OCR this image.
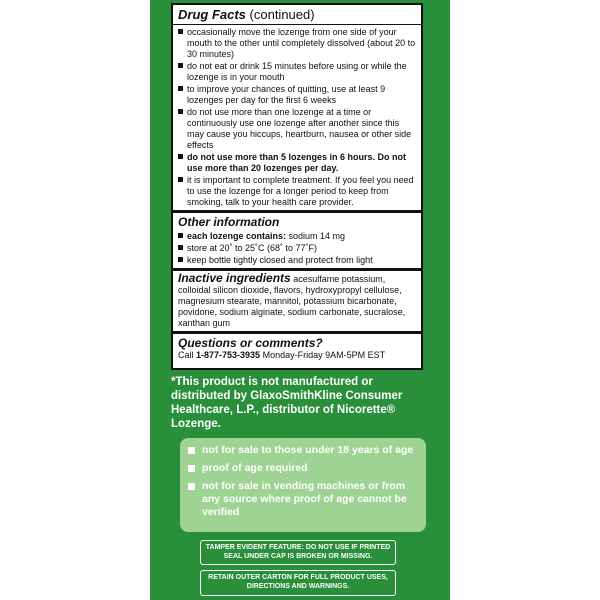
Drug Facts (continued)
occasionally move the lozenge from one side of your mouth to the other until completely dissolved (about 20 to 30 minutes)
do not eat or drink 15 minutes before using or while the lozenge is in your mouth
to improve your chances of quitting, use at least 9 lozenges per day for the first 6 weeks
do not use more than one lozenge at a time or continuously use one lozenge after another since this may cause you hiccups, heartburn, nausea or other side effects
do not use more than 5 lozenges in 6 hours. Do not use more than 20 lozenges per day.
it is important to complete treatment. If you feel you need to use the lozenge for a longer period to keep from smoking, talk to your health care provider.
Other information
each lozenge contains: sodium 14 mg
store at 20˚ to 25˚C (68˚ to 77˚F)
keep bottle tightly closed and protect from light
Inactive ingredients acesulfame potassium, colloidal silicon dioxide, flavors, hydroxypropyl cellulose, magnesium stearate, mannitol, potassium bicarbonate, povidone, sodium alginate, sodium carbonate, sucralose, xanthan gum
Questions or comments?
Call 1-877-753-3935 Monday-Friday 9AM-5PM EST
*This product is not manufactured or distributed by GlaxoSmithKline Consumer Healthcare, L.P., distributor of Nicorette® Lozenge.
not for sale to those under 18 years of age
proof of age required
not for sale in vending machines or from any source where proof of age cannot be verified
TAMPER EVIDENT FEATURE: DO NOT USE IF PRINTED SEAL UNDER CAP IS BROKEN OR MISSING.
RETAIN OUTER CARTON FOR FULL PRODUCT USES, DIRECTIONS AND WARNINGS.
